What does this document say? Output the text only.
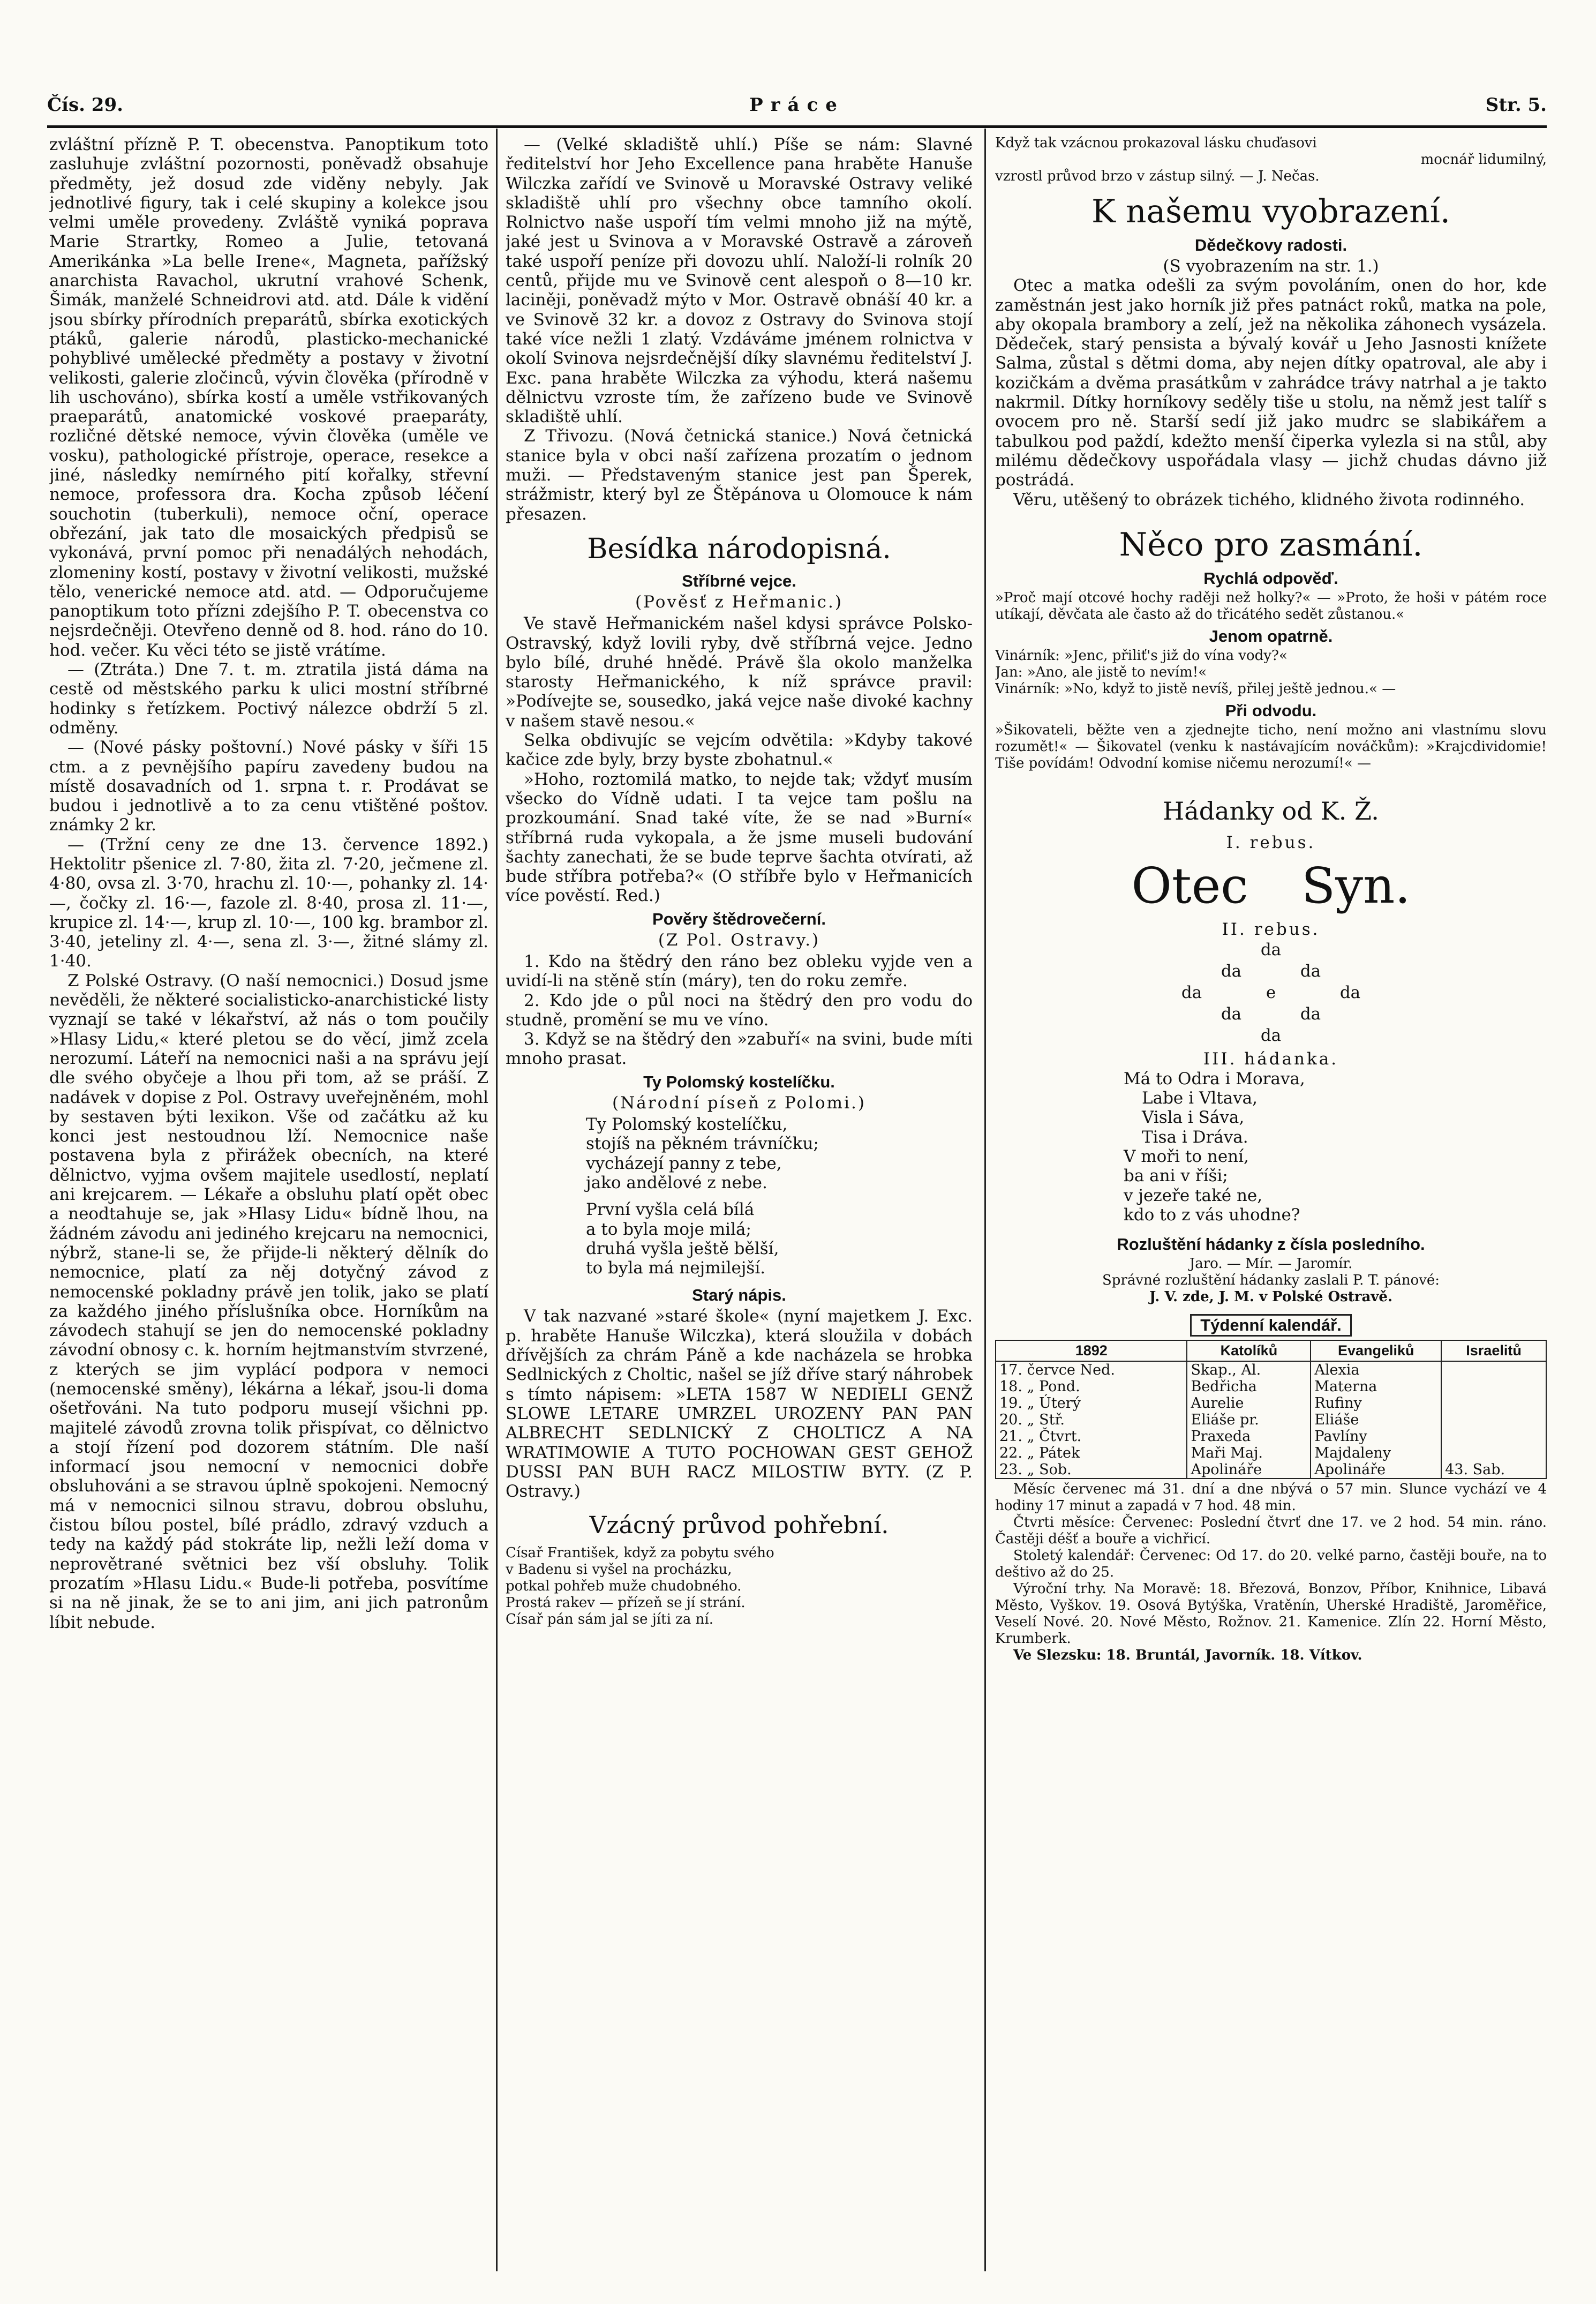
Čís. 29.	Práce	Str. 5.

zvláštní přízně P. T. obecenstva. Panoptikum toto zasluhuje zvláštní pozornosti, poněvadž obsahuje předměty, jež dosud zde viděny nebyly. Jak jednotlivé figury, tak i celé skupiny a kolekce jsou velmi uměle provedeny. Zvláště vyniká poprava Marie Strartky, Romeo a Julie, tetovaná Amerikánka »La belle Irene«, Magneta, pařížský anarchista Ravachol, ukrutní vrahové Schenk, Šimák, manželé Schneidrovi atd. atd. Dále k vidění jsou sbírky přírodních preparátů, sbírka exotických ptáků, galerie národů, plasticko-mechanické pohyblivé umělecké předměty a postavy v životní velikosti, galerie zločinců, vývin člověka (přírodně v lih uschováno), sbírka kostí a uměle vstřikovaných praeparátů, anatomické voskové praeparáty, rozličné dětské nemoce, vývin člověka (uměle ve vosku), pathologické přístroje, operace, resekce a jiné, následky nemírného pití kořalky, střevní nemoce, professora dra. Kocha způsob léčení souchotin (tuberkuli), nemoce oční, operace obřezání, jak tato dle mosaických předpisů se vykonává, první pomoc při nenadálých nehodách, zlomeniny kostí, postavy v životní velikosti, mužské tělo, venerické nemoce atd. atd. — Odporučujeme panoptikum toto přízni zdejšího P. T. obecenstva co nejsrdečněji. Otevřeno denně od 8. hod. ráno do 10. hod. večer. Ku věci této se jistě vrátíme.

— (Ztráta.) Dne 7. t. m. ztratila jistá dáma na cestě od městského parku k ulici mostní stříbrné hodinky s řetízkem. Poctivý nálezce obdrží 5 zl. odměny.

— (Nové pásky poštovní.) Nové pásky v šíři 15 ctm. a z pevnějšího papíru zavedeny budou na místě dosavadních od 1. srpna t. r. Prodávat se budou i jednotlivě a to za cenu vtištěné poštov. známky 2 kr.

— (Tržní ceny ze dne 13. července 1892.) Hektolitr pšenice zl. 7·80, žita zl. 7·20, ječmene zl. 4·80, ovsa zl. 3·70, hrachu zl. 10·—, pohanky zl. 14·—, čočky zl. 16·—, fazole zl. 8·40, prosa zl. 11·—, krupice zl. 14·—, krup zl. 10·—, 100 kg. brambor zl. 3·40, jeteliny zl. 4·—, sena zl. 3·—, žitné slámy zl. 1·40.

Z Polské Ostravy. (O naší nemocnici.) Dosud jsme nevěděli, že některé socialisticko-anarchistické listy vyznají se také v lékařství, až nás o tom poučily »Hlasy Lidu,« které pletou se do věcí, jimž zcela nerozumí. Láteří na nemocnici naši a na správu její dle svého obyčeje a lhou při tom, až se práší. Z nadávek v dopise z Pol. Ostravy uveřejněném, mohl by sestaven býti lexikon. Vše od začátku až ku konci jest nestoudnou lží. Nemocnice naše postavena byla z přirážek obecních, na které dělnictvo, vyjma ovšem majitele usedlostí, neplatí ani krejcarem. — Lékaře a obsluhu platí opět obec a neodtahuje se, jak »Hlasy Lidu« bídně lhou, na žádném závodu ani jediného krejcaru na nemocnici, nýbrž, stane-li se, že přijde-li některý dělník do nemocnice, platí za něj dotyčný závod z nemocenské pokladny právě jen tolik, jako se platí za každého jiného příslušníka obce. Horníkům na závodech stahují se jen do nemocenské pokladny závodní obnosy c. k. horním hejtmanstvím stvrzené, z kterých se jim vyplácí podpora v nemoci (nemocenské směny), lékárna a lékař, jsou-li doma ošetřováni. Na tuto podporu musejí všichni pp. majitelé závodů zrovna tolik přispívat, co dělnictvo a stojí řízení pod dozorem státním. Dle naší informací jsou nemocní v nemocnici dobře obsluhováni a se stravou úplně spokojeni. Nemocný má v nemocnici silnou stravu, dobrou obsluhu, čistou bílou postel, bílé prádlo, zdravý vzduch a tedy na každý pád stokráte lip, nežli leží doma v neprovětrané světnici bez vší obsluhy. Tolik prozatím »Hlasu Lidu.« Bude-li potřeba, posvítíme si na ně jinak, že se to ani jim, ani jich patronům líbit nebude.

— (Velké skladiště uhlí.) Píše se nám: Slavné ředitelství hor Jeho Excellence pana hraběte Hanuše Wilczka zařídí ve Svinově u Moravské Ostravy veliké skladiště uhlí pro všechny obce tamního okolí. Rolnictvo naše uspoří tím velmi mnoho již na mýtě, jaké jest u Svinova a v Moravské Ostravě a zároveň také uspoří peníze při dovozu uhlí. Naloží-li rolník 20 centů, přijde mu ve Svinově cent alespoň o 8—10 kr. laciněji, poněvadž mýto v Mor. Ostravě obnáší 40 kr. a ve Svinově 32 kr. a dovoz z Ostravy do Svinova stojí také více nežli 1 zlatý. Vzdáváme jménem rolnictva v okolí Svinova nejsrdečnější díky slavnému ředitelství J. Exc. pana hraběte Wilczka za výhodu, která našemu dělnictvu vzroste tím, že zařízeno bude ve Svinově skladiště uhlí.

Z Třivozu. (Nová četnická stanice.) Nová četnická stanice byla v obci naší zařízena prozatím o jednom muži. — Představeným stanice jest pan Šperek, strážmistr, který byl ze Štěpánova u Olomouce k nám přesazen.

Besídka národopisná.
Stříbrné vejce.
(Pověsť z Heřmanic.)

Ve stavě Heřmanickém našel kdysi správce Polsko-Ostravský, když lovili ryby, dvě stříbrná vejce. Jedno bylo bílé, druhé hnědé. Právě šla okolo manželka starosty Heřmanického, k níž správce pravil: »Podívejte se, sousedko, jaká vejce naše divoké kachny v našem stavě nesou.«

Selka obdivujíc se vejcím odvětila: »Kdyby takové kačice zde byly, brzy byste zbohatnul.«

»Hoho, roztomilá matko, to nejde tak; vždyť musím všecko do Vídně udati. I ta vejce tam pošlu na prozkoumání. Snad také víte, že se nad »Burní« stříbrná ruda vykopala, a že jsme museli budování šachty zanechati, že se bude teprve šachta otvírati, až bude stříbra potřeba?« (O stříbře bylo v Heřmanicích více pověstí. Red.)

Pověry štědrovečerní.
(Z Pol. Ostravy.)

1. Kdo na štědrý den ráno bez obleku vyjde ven a uvidí-li na stěně stín (máry), ten do roku zemře.

2. Kdo jde o půl noci na štědrý den pro vodu do studně, promění se mu ve víno.

3. Když se na štědrý den »zabuří« na svini, bude míti mnoho prasat.

Ty Polomský kostelíčku.
(Národní píseň z Polomi.)

Ty Polomský kostelíčku,

stojíš na pěkném trávníčku;

vycházejí panny z tebe,

jako andělové z nebe.

První vyšla celá bílá

a to byla moje milá;

druhá vyšla ještě bělší,

to byla má nejmilejší.

Starý nápis.

V tak nazvané »staré škole« (nyní majetkem J. Exc. p. hraběte Hanuše Wilczka), která sloužila v dobách dřívějších za chrám Páně a kde nacházela se hrobka Sedlnických z Choltic, našel se jíž dříve starý náhrobek s tímto nápisem: »LETA 1587 W NEDIELI GENŽ SLOWE LETARE UMRZEL UROZENY PAN PAN ALBRECHT SEDLNICKÝ Z CHOLTICZ A NA WRATIMOWIE A TUTO POCHOWAN GEST GEHOŽ DUSSI PAN BUH RACZ MILOSTIW BYTY. (Z P. Ostravy.)

Vzácný průvod pohřební.

Císař František, když za pobytu svého

v Badenu si vyšel na procházku,

potkal pohřeb muže chudobného.

Prostá rakev — přízeň se jí strání.

Císař pán sám jal se jíti za ní.

Když tak vzácnou prokazoval lásku chuďasovi

mocnář lidumilný,

vzrostl průvod brzo v zástup silný. — J. Nečas.

K našemu vyobrazení.
Dědečkovy radosti.
(S vyobrazením na str. 1.)

Otec a matka odešli za svým povoláním, onen do hor, kde zaměstnán jest jako horník již přes patnáct roků, matka na pole, aby okopala brambory a zelí, jež na několika záhonech vysázela. Dědeček, starý pensista a bývalý kovář u Jeho Jasnosti knížete Salma, zůstal s dětmi doma, aby nejen dítky opatroval, ale aby i kozičkám a dvěma prasátkům v zahrádce trávy natrhal a je takto nakrmil. Dítky horníkovy seděly tiše u stolu, na němž jest talíř s ovocem pro ně. Starší sedí již jako mudrc se slabikářem a tabulkou pod paždí, kdežto menší čiperka vylezla si na stůl, aby milému dědečkovy uspořádala vlasy — jichž chudas dávno již postrádá.

Věru, utěšený to obrázek tichého, klidného života rodinného.

Něco pro zasmání.
Rychlá odpověď.
»Proč mají otcové hochy raději než holky?« — »Proto, že hoši v pátém roce utíkají, děvčata ale často až do třicátého sedět zůstanou.«
Jenom opatrně.
Vinárník: »Jenc, přiliť's již do vína vody?«
Jan: »Ano, ale jistě to nevím!«
Vinárník: »No, když to jistě nevíš, přilej ještě jednou.« —
Při odvodu.
»Šikovateli, běžte ven a zjednejte ticho, není možno ani vlastnímu slovu rozumět!« — Šikovatel (venku k nastávajícím nováčkům): »Krajcdividomie! Tiše povídám! Odvodní komise ničemu nerozumí!« —
Hádanky od K. Ž.
I. rebus.
Otec Syn.
II. rebus.
da
da	da
da	e	da
da	da
da
III. hádanka.

Má to Odra i Morava,

Labe i Vltava,

Visla i Sáva,

Tisa i Dráva.

V moři to není,

ba ani v říši;

v jezeře také ne,

kdo to z vás uhodne?

Rozluštění hádanky z čísla posledního.
Jaro. — Mír. — Jaromír.
Správné rozluštění hádanky zaslali P. T. pánové:
J. V. zde, J. M. v Polské Ostravě.
Týdenní kalendář.
1892	Katolíků	Evangeliků	Israelitů
17. červce Ned.	Skap., Al.	Alexia	
18. „ Pond.	Bedřicha	Materna	
19. „ Úterý	Aurelie	Rufiny	
20. „ Stř.	Eliáše pr.	Eliáše	
21. „ Čtvrt.	Praxeda	Pavlíny	
22. „ Pátek	Maři Maj.	Majdaleny	
23. „ Sob.	Apolináře	Apolináře	43. Sab.

Měsíc červenec má 31. dní a dne nbývá o 57 min. Slunce vychází ve 4 hodiny 17 minut a zapadá v 7 hod. 48 min.

Čtvrti měsíce: Červenec: Poslední čtvrť dne 17. ve 2 hod. 54 min. ráno. Častěji déšť a bouře a vichřicí.

Stoletý kalendář: Červenec: Od 17. do 20. velké parno, častěji bouře, na to deštivo až do 25.

Výroční trhy. Na Moravě: 18. Březová, Bonzov, Příbor, Knihnice, Libavá Město, Vyškov. 19. Osová Bytýška, Vratěnín, Uherské Hradiště, Jaroměřice, Veselí Nové. 20. Nové Město, Rožnov. 21. Kamenice. Zlín 22. Horní Město, Krumberk.

Ve Slezsku: 18. Bruntál, Javorník. 18. Vítkov.
